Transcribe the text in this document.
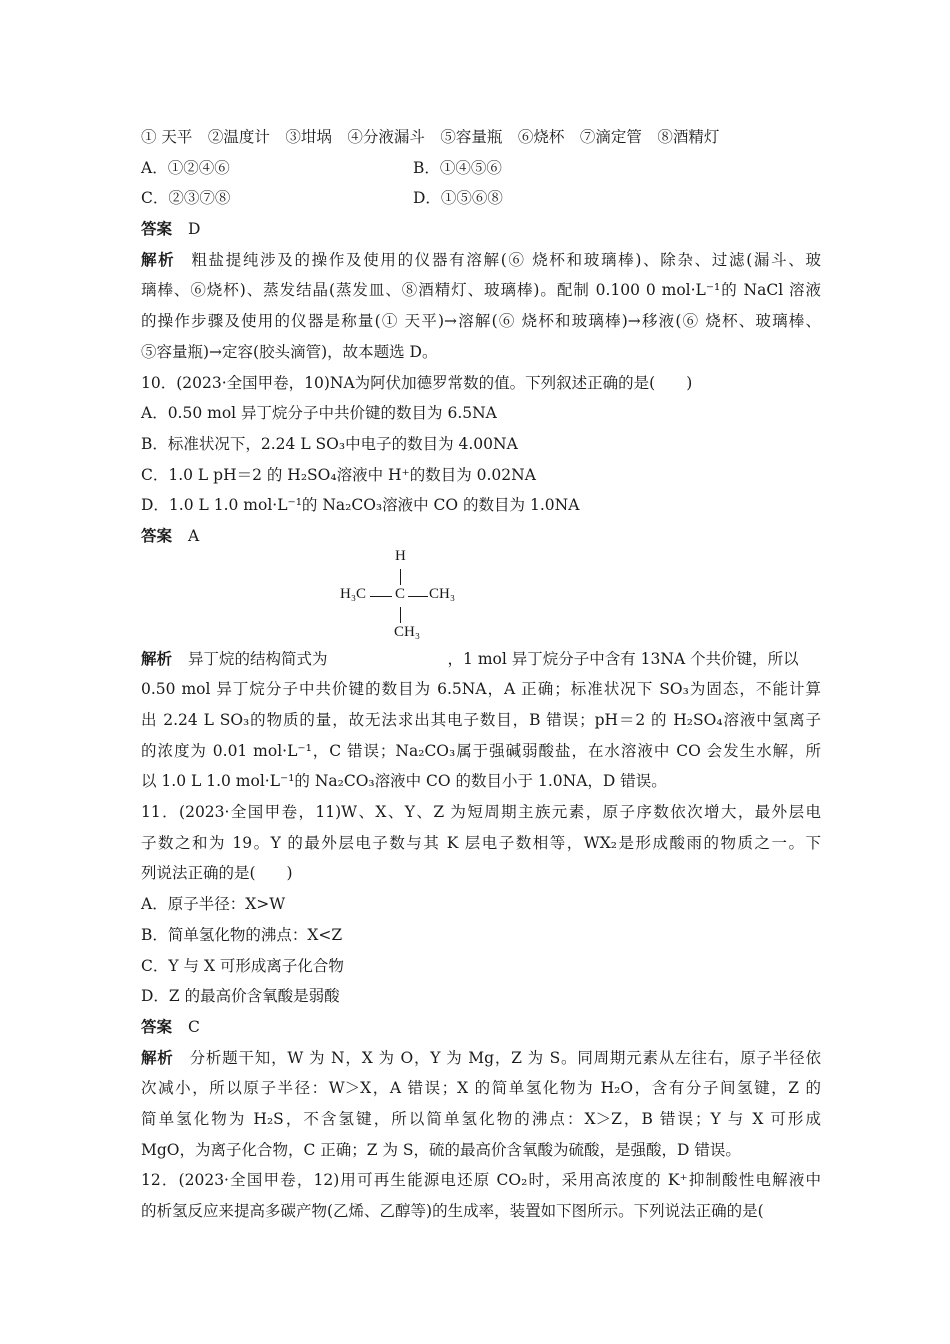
① 天平　②温度计　③坩埚　④分液漏斗　⑤容量瓶　⑥烧杯　⑦滴定管　⑧酒精灯
A．①②④⑥	B．①④⑤⑥
C．②③⑦⑧	D．①⑤⑥⑧
答案 D
解析 粗盐提纯涉及的操作及使用的仪器有溶解(⑥ 烧杯和玻璃棒)、除杂、过滤(漏斗、玻
璃棒、⑥烧杯)、蒸发结晶(蒸发皿、⑧酒精灯、玻璃棒)。配制 0.100 0 mol·L⁻¹的 NaCl 溶液
的操作步骤及使用的仪器是称量(① 天平)→溶解(⑥ 烧杯和玻璃棒)→移液(⑥ 烧杯、玻璃棒、
⑤容量瓶)→定容(胶头滴管)，故本题选 D。
10．(2023·全国甲卷，10)NA为阿伏加德罗常数的值。下列叙述正确的是(　　)
A．0.50 mol 异丁烷分子中共价键的数目为 6.5NA
B．标准状况下，2.24 L SO₃中电子的数目为 4.00NA
C．1.0 L pH＝2 的 H₂SO₄溶液中 H⁺的数目为 0.02NA
D．1.0 L 1.0 mol·L⁻¹的 Na₂CO₃溶液中 CO 的数目为 1.0NA
答案 A
解析 异丁烷的结构简式为	，1 mol 异丁烷分子中含有 13NA 个共价键，所以
0.50 mol 异丁烷分子中共价键的数目为 6.5NA，A 正确；标准状况下 SO₃为固态，不能计算
出 2.24 L SO₃的物质的量，故无法求出其电子数目，B 错误；pH＝2 的 H₂SO₄溶液中氢离子
的浓度为 0.01 mol·L⁻¹，C 错误；Na₂CO₃属于强碱弱酸盐，在水溶液中 CO 会发生水解，所
以 1.0 L 1.0 mol·L⁻¹的 Na₂CO₃溶液中 CO 的数目小于 1.0NA，D 错误。
11．(2023·全国甲卷，11)W、X、Y、Z 为短周期主族元素，原子序数依次增大，最外层电
子数之和为 19。Y 的最外层电子数与其 K 层电子数相等，WX₂是形成酸雨的物质之一。下
列说法正确的是(　　)
A．原子半径：X>W
B．简单氢化物的沸点：X<Z
C．Y 与 X 可形成离子化合物
D．Z 的最高价含氧酸是弱酸
答案 C
解析 分析题干知，W 为 N，X 为 O，Y 为 Mg，Z 为 S。同周期元素从左往右，原子半径依
次减小，所以原子半径：W＞X，A 错误；X 的简单氢化物为 H₂O，含有分子间氢键，Z 的
简单氢化物为 H₂S，不含氢键，所以简单氢化物的沸点：X＞Z，B 错误；Y 与 X 可形成
MgO，为离子化合物，C 正确；Z 为 S，硫的最高价含氧酸为硫酸，是强酸，D 错误。
12．(2023·全国甲卷，12)用可再生能源电还原 CO₂时，采用高浓度的 K⁺抑制酸性电解液中
的析氢反应来提高多碳产物(乙烯、乙醇等)的生成率，装置如下图所示。下列说法正确的是(
H
H₃C C CH₃
CH₃
